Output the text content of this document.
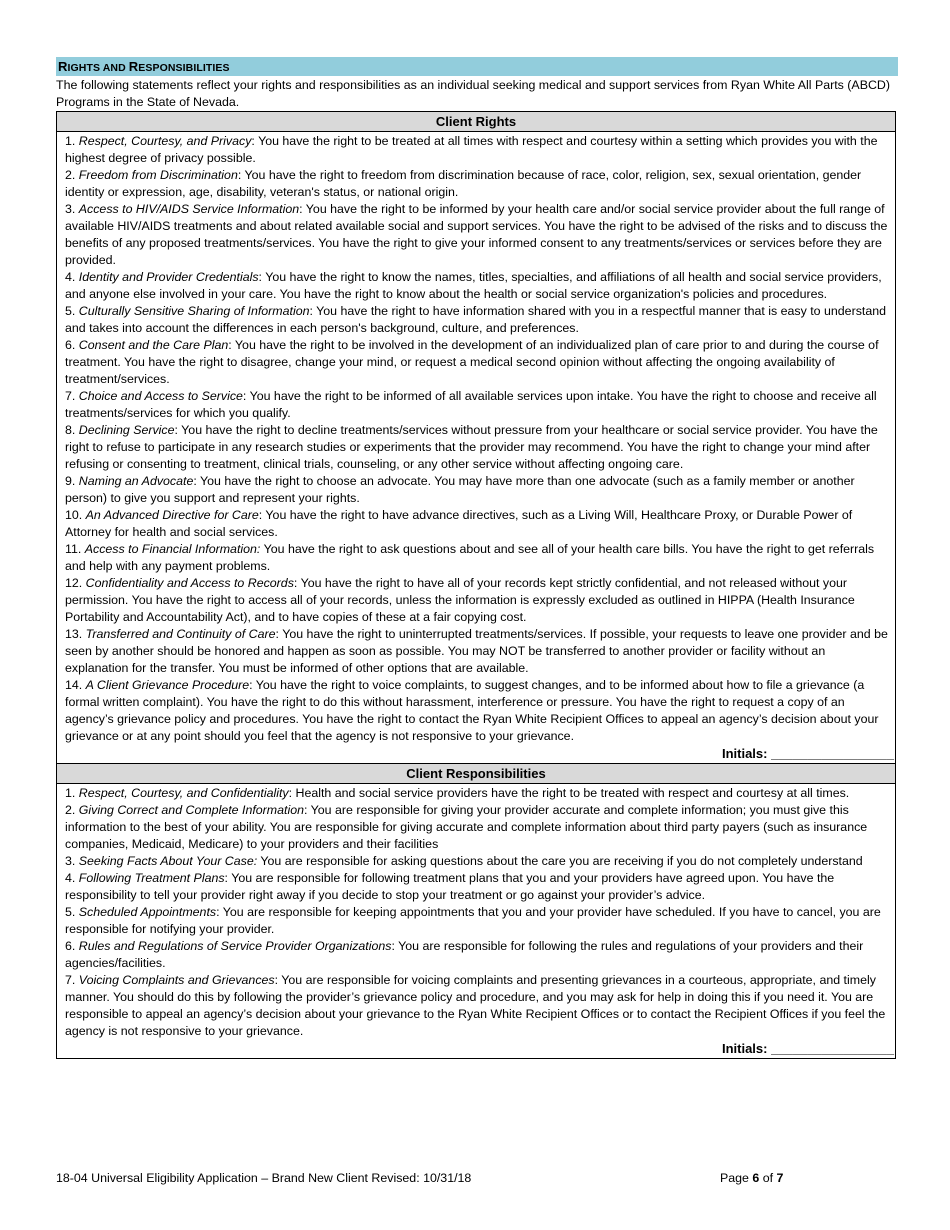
RIGHTS AND RESPONSIBILITIES

The following statements reflect your rights and responsibilities as an individual seeking medical and support services from Ryan White All Parts (ABCD) Programs in the State of Nevada.

Client Rights

1. Respect, Courtesy, and Privacy: You have the right to be treated at all times with respect and courtesy within a setting which provides you with the highest degree of privacy possible.

2. Freedom from Discrimination: You have the right to freedom from discrimination because of race, color, religion, sex, sexual orientation, gender identity or expression, age, disability, veteran's status, or national origin.

3. Access to HIV/AIDS Service Information: You have the right to be informed by your health care and/or social service provider about the full range of available HIV/AIDS treatments and about related available social and support services. You have the right to be advised of the risks and to discuss the benefits of any proposed treatments/services. You have the right to give your informed consent to any treatments/services or services before they are provided.

4. Identity and Provider Credentials: You have the right to know the names, titles, specialties, and affiliations of all health and social service providers, and anyone else involved in your care. You have the right to know about the health or social service organization's policies and procedures.

5. Culturally Sensitive Sharing of Information: You have the right to have information shared with you in a respectful manner that is easy to understand and takes into account the differences in each person's background, culture, and preferences.

6. Consent and the Care Plan: You have the right to be involved in the development of an individualized plan of care prior to and during the course of treatment. You have the right to disagree, change your mind, or request a medical second opinion without affecting the ongoing availability of treatment/services.

7. Choice and Access to Service: You have the right to be informed of all available services upon intake. You have the right to choose and receive all treatments/services for which you qualify.

8. Declining Service: You have the right to decline treatments/services without pressure from your healthcare or social service provider. You have the right to refuse to participate in any research studies or experiments that the provider may recommend. You have the right to change your mind after refusing or consenting to treatment, clinical trials, counseling, or any other service without affecting ongoing care.

9. Naming an Advocate: You have the right to choose an advocate. You may have more than one advocate (such as a family member or another person) to give you support and represent your rights.

10. An Advanced Directive for Care: You have the right to have advance directives, such as a Living Will, Healthcare Proxy, or Durable Power of Attorney for health and social services.

11. Access to Financial Information: You have the right to ask questions about and see all of your health care bills. You have the right to get referrals and help with any payment problems.

12. Confidentiality and Access to Records: You have the right to have all of your records kept strictly confidential, and not released without your permission. You have the right to access all of your records, unless the information is expressly excluded as outlined in HIPPA (Health Insurance Portability and Accountability Act), and to have copies of these at a fair copying cost.

13. Transferred and Continuity of Care: You have the right to uninterrupted treatments/services. If possible, your requests to leave one provider and be seen by another should be honored and happen as soon as possible. You may NOT be transferred to another provider or facility without an explanation for the transfer. You must be informed of other options that are available.

14. A Client Grievance Procedure: You have the right to voice complaints, to suggest changes, and to be informed about how to file a grievance (a formal written complaint). You have the right to do this without harassment, interference or pressure. You have the right to request a copy of an agency’s grievance policy and procedures. You have the right to contact the Ryan White Recipient Offices to appeal an agency’s decision about your grievance or at any point should you feel that the agency is not responsive to your grievance.

Initials: _________________
Client Responsibilities

1. Respect, Courtesy, and Confidentiality: Health and social service providers have the right to be treated with respect and courtesy at all times.

2. Giving Correct and Complete Information: You are responsible for giving your provider accurate and complete information; you must give this information to the best of your ability. You are responsible for giving accurate and complete information about third party payers (such as insurance companies, Medicaid, Medicare) to your providers and their facilities

3. Seeking Facts About Your Case: You are responsible for asking questions about the care you are receiving if you do not completely understand

4. Following Treatment Plans: You are responsible for following treatment plans that you and your providers have agreed upon. You have the responsibility to tell your provider right away if you decide to stop your treatment or go against your provider’s advice.

5. Scheduled Appointments: You are responsible for keeping appointments that you and your provider have scheduled. If you have to cancel, you are responsible for notifying your provider.

6. Rules and Regulations of Service Provider Organizations: You are responsible for following the rules and regulations of your providers and their agencies/facilities.

7. Voicing Complaints and Grievances: You are responsible for voicing complaints and presenting grievances in a courteous, appropriate, and timely manner. You should do this by following the provider’s grievance policy and procedure, and you may ask for help in doing this if you need it. You are responsible to appeal an agency’s decision about your grievance to the Ryan White Recipient Offices or to contact the Recipient Offices if you feel the agency is not responsive to your grievance.

Initials: _________________
18-04 Universal Eligibility Application – Brand New Client Revised: 10/31/18	Page 6 of 7
